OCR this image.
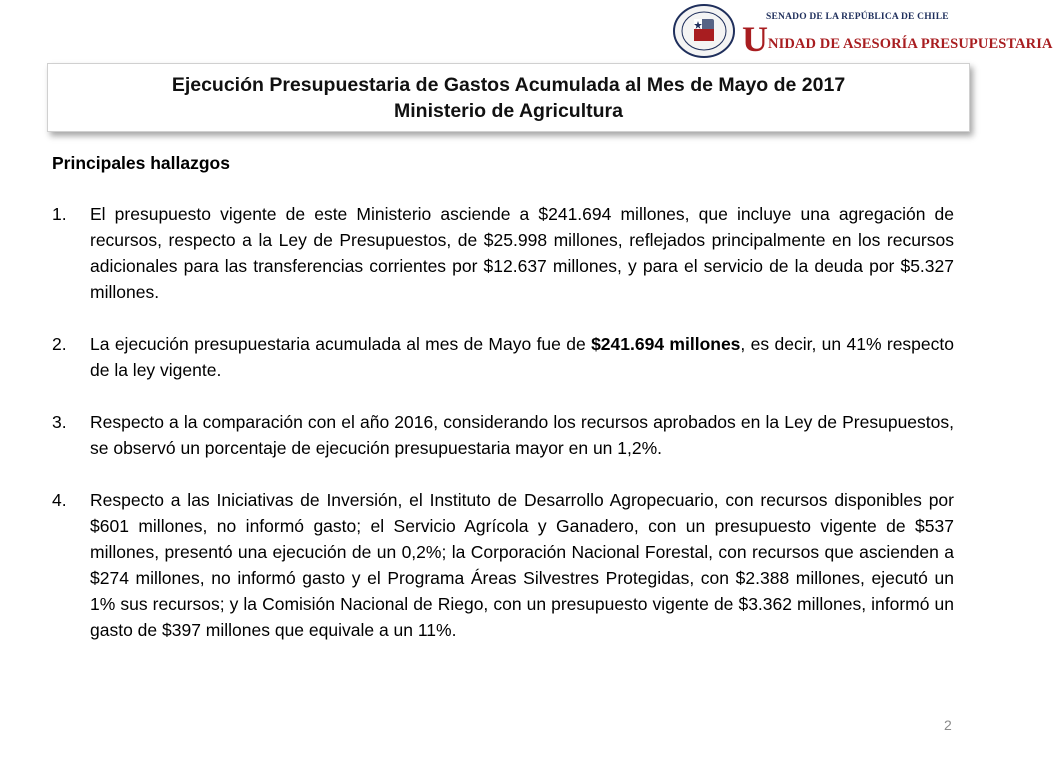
SENADO DE LA REPÚBLICA DE CHILE
UNIDAD DE ASESORÍA PRESUPUESTARIA
Ejecución Presupuestaria de Gastos Acumulada al Mes de Mayo de 2017
Ministerio de Agricultura
Principales hallazgos
1.	El presupuesto vigente de este Ministerio asciende a $241.694 millones, que incluye una agregación de recursos, respecto a la Ley de Presupuestos, de $25.998 millones, reflejados principalmente en los recursos adicionales para las transferencias corrientes por $12.637 millones, y para el servicio de la deuda por $5.327 millones.
2.	La ejecución presupuestaria acumulada al mes de Mayo fue de $241.694 millones, es decir, un 41% respecto de la ley vigente.
3.	Respecto a la comparación con el año 2016, considerando los recursos aprobados en la Ley de Presupuestos, se observó un porcentaje de ejecución presupuestaria mayor en un 1,2%.
4.	Respecto a las Iniciativas de Inversión, el Instituto de Desarrollo Agropecuario, con recursos disponibles por $601 millones, no informó gasto; el Servicio Agrícola y Ganadero, con un presupuesto vigente de $537 millones, presentó una ejecución de un 0,2%; la Corporación Nacional Forestal, con recursos que ascienden a $274 millones, no informó gasto y el Programa Áreas Silvestres Protegidas, con $2.388 millones, ejecutó un 1% sus recursos; y la Comisión Nacional de Riego, con un presupuesto vigente de $3.362 millones, informó un gasto de $397 millones que equivale a un 11%.
2
